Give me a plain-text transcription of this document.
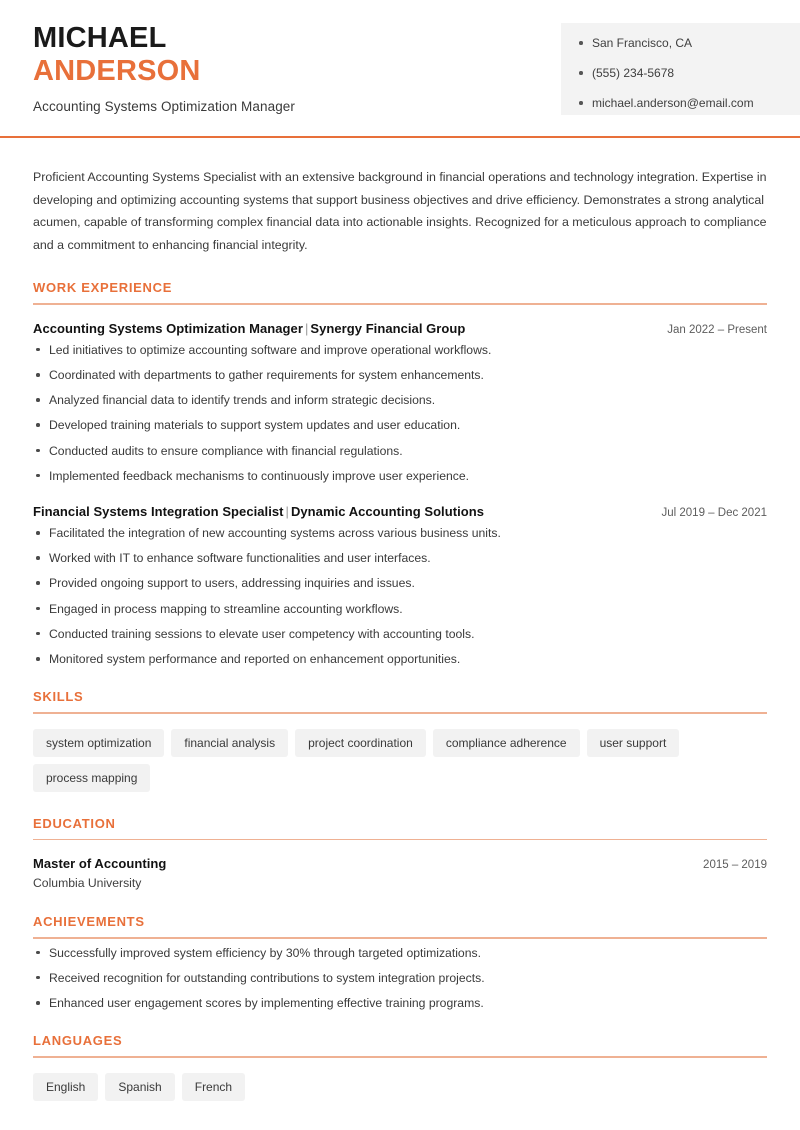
MICHAEL
ANDERSON
Accounting Systems Optimization Manager
San Francisco, CA
(555) 234-5678
michael.anderson@email.com

Proficient Accounting Systems Specialist with an extensive background in financial operations and technology integration. Expertise in developing and optimizing accounting systems that support business objectives and drive efficiency. Demonstrates a strong analytical acumen, capable of transforming complex financial data into actionable insights. Recognized for a meticulous approach to compliance and a commitment to enhancing financial integrity.

WORK EXPERIENCE
Accounting Systems Optimization Manager | Synergy Financial Group	Jan 2022 – Present
Led initiatives to optimize accounting software and improve operational workflows.
Coordinated with departments to gather requirements for system enhancements.
Analyzed financial data to identify trends and inform strategic decisions.
Developed training materials to support system updates and user education.
Conducted audits to ensure compliance with financial regulations.
Implemented feedback mechanisms to continuously improve user experience.
Financial Systems Integration Specialist | Dynamic Accounting Solutions	Jul 2019 – Dec 2021
Facilitated the integration of new accounting systems across various business units.
Worked with IT to enhance software functionalities and user interfaces.
Provided ongoing support to users, addressing inquiries and issues.
Engaged in process mapping to streamline accounting workflows.
Conducted training sessions to elevate user competency with accounting tools.
Monitored system performance and reported on enhancement opportunities.
SKILLS
system optimization	financial analysis	project coordination	compliance adherence	user support
process mapping
EDUCATION
Master of Accounting	2015 – 2019
Columbia University
ACHIEVEMENTS
Successfully improved system efficiency by 30% through targeted optimizations.
Received recognition for outstanding contributions to system integration projects.
Enhanced user engagement scores by implementing effective training programs.
LANGUAGES
English	Spanish	French
